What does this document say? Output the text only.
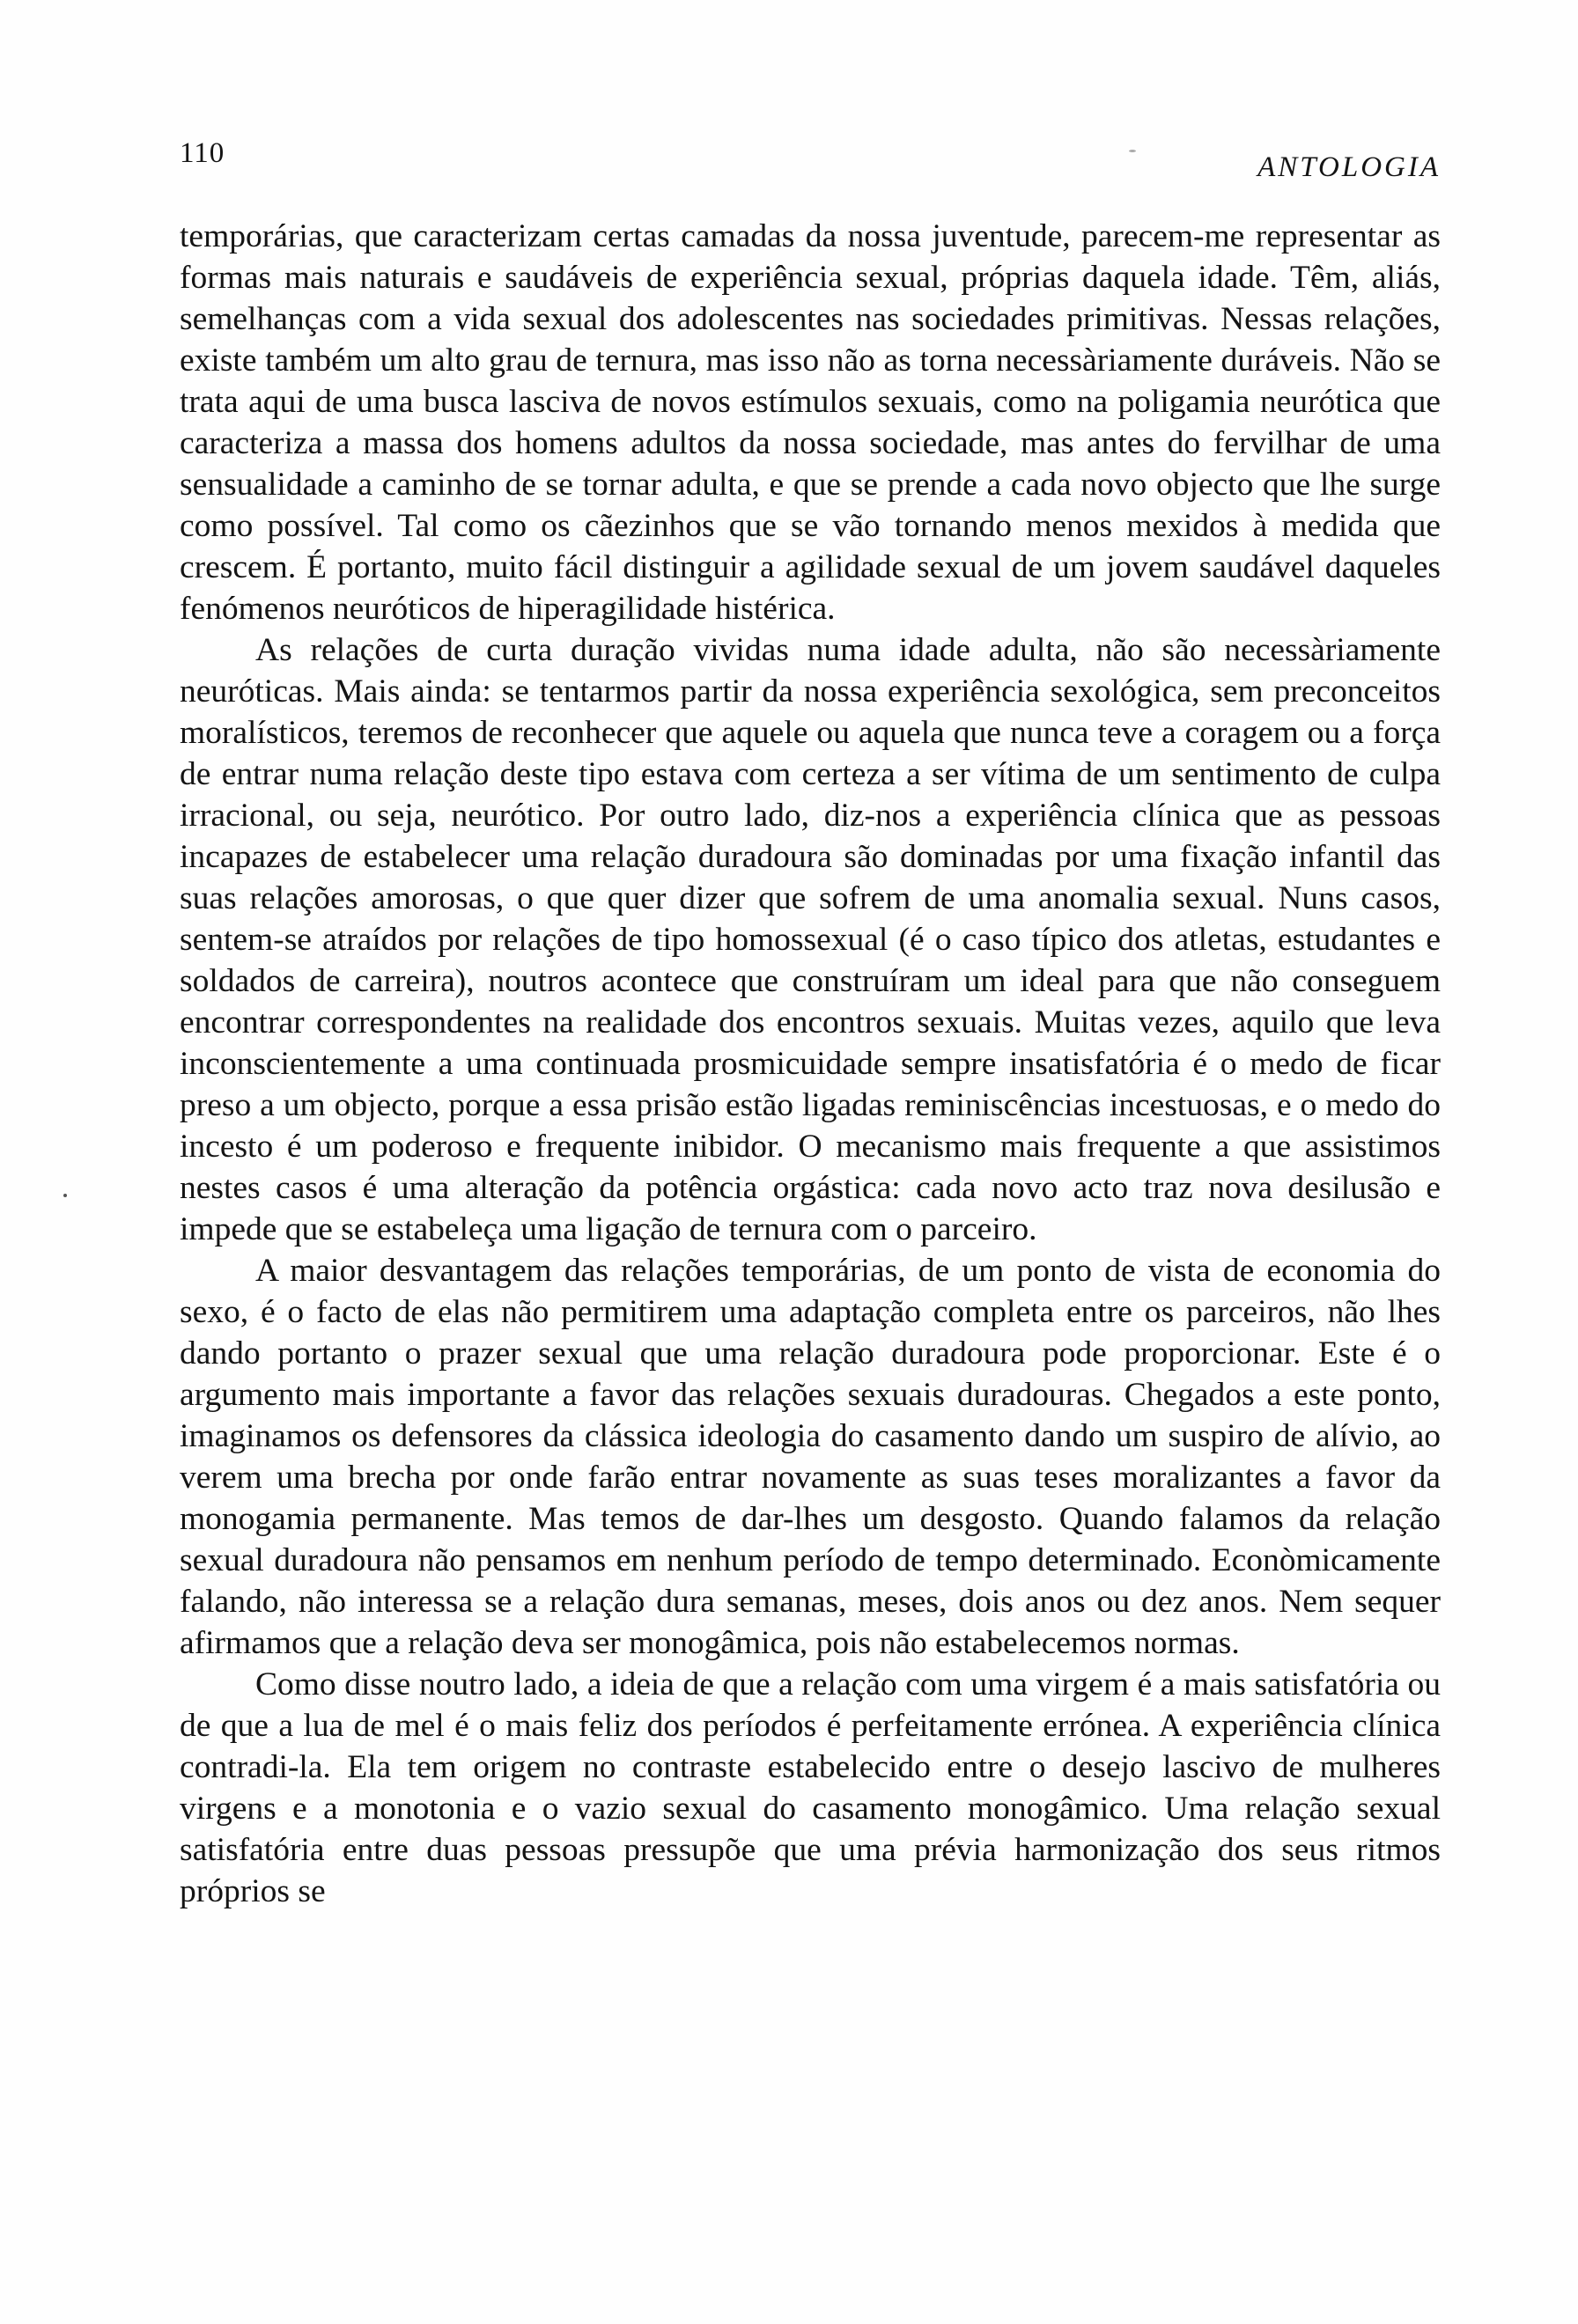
110	ANTOLOGIA

temporárias, que caracterizam certas camadas da nossa juventude, parecem-me representar as formas mais naturais e saudáveis de experiência sexual, próprias daquela idade. Têm, aliás, semelhanças com a vida sexual dos adolescentes nas sociedades primitivas. Nessas relações, existe também um alto grau de ternura, mas isso não as torna necessàriamente duráveis. Não se trata aqui de uma busca lasciva de novos estímulos sexuais, como na poligamia neurótica que caracteriza a massa dos homens adultos da nossa sociedade, mas antes do fervilhar de uma sensualidade a caminho de se tornar adulta, e que se prende a cada novo objecto que lhe surge como possível. Tal como os cãezinhos que se vão tornando menos mexidos à medida que crescem. É portanto, muito fácil distinguir a agilidade sexual de um jovem saudável daqueles fenómenos neuróticos de hiperagilidade histérica.

As relações de curta duração vividas numa idade adulta, não são necessàriamente neuróticas. Mais ainda: se tentarmos partir da nossa experiência sexológica, sem preconceitos moralísticos, teremos de reconhecer que aquele ou aquela que nunca teve a coragem ou a força de entrar numa relação deste tipo estava com certeza a ser vítima de um sentimento de culpa irracional, ou seja, neurótico. Por outro lado, diz-nos a experiência clínica que as pessoas incapazes de estabelecer uma relação duradoura são dominadas por uma fixação infantil das suas relações amorosas, o que quer dizer que sofrem de uma anomalia sexual. Nuns casos, sentem-se atraídos por relações de tipo homossexual (é o caso típico dos atletas, estudantes e soldados de carreira), noutros acontece que construíram um ideal para que não conseguem encontrar correspondentes na realidade dos encontros sexuais. Muitas vezes, aquilo que leva inconscientemente a uma continuada prosmicuidade sempre insatisfatória é o medo de ficar preso a um objecto, porque a essa prisão estão ligadas reminiscências incestuosas, e o medo do incesto é um poderoso e frequente inibidor. O mecanismo mais frequente a que assistimos nestes casos é uma alteração da potência orgástica: cada novo acto traz nova desilusão e impede que se estabeleça uma ligação de ternura com o parceiro.

A maior desvantagem das relações temporárias, de um ponto de vista de economia do sexo, é o facto de elas não permitirem uma adaptação completa entre os parceiros, não lhes dando portanto o prazer sexual que uma relação duradoura pode proporcionar. Este é o argumento mais importante a favor das relações sexuais duradouras. Chegados a este ponto, imaginamos os defensores da clássica ideologia do casamento dando um suspiro de alívio, ao verem uma brecha por onde farão entrar novamente as suas teses moralizantes a favor da monogamia permanente. Mas temos de dar-lhes um desgosto. Quando falamos da relação sexual duradoura não pensamos em nenhum período de tempo determinado. Econòmicamente falando, não interessa se a relação dura semanas, meses, dois anos ou dez anos. Nem sequer afirmamos que a relação deva ser monogâmica, pois não estabelecemos normas.

Como disse noutro lado, a ideia de que a relação com uma virgem é a mais satisfatória ou de que a lua de mel é o mais feliz dos períodos é perfeitamente errónea. A experiência clínica contradi-la. Ela tem origem no contraste estabelecido entre o desejo lascivo de mulheres virgens e a monotonia e o vazio sexual do casamento monogâmico. Uma relação sexual satisfatória entre duas pessoas pressupõe que uma prévia harmonização dos seus ritmos próprios se
